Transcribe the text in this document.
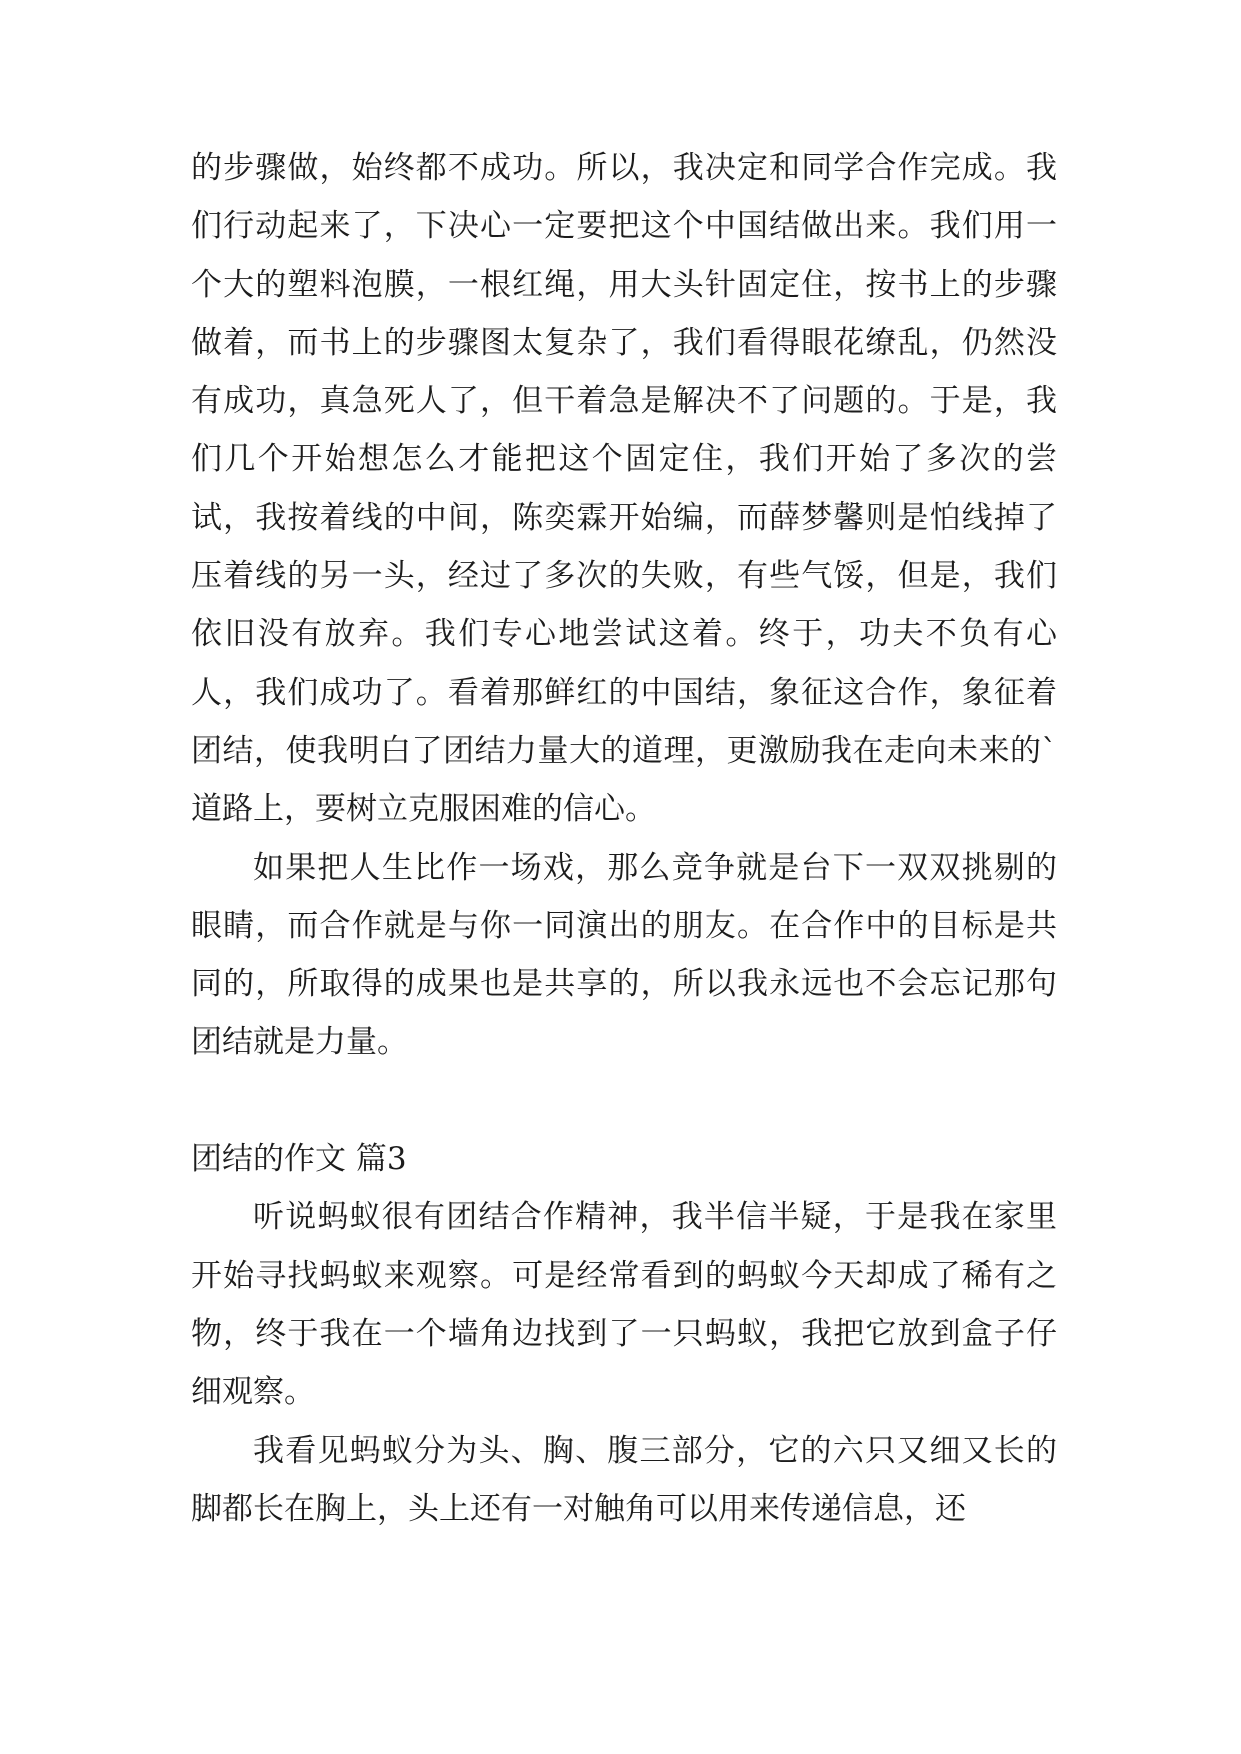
的步骤做，始终都不成功。所以，我决定和同学合作完成。我们行动起来了，下决心一定要把这个中国结做出来。我们用一个大的塑料泡膜，一根红绳，用大头针固定住，按书上的步骤做着，而书上的步骤图太复杂了，我们看得眼花缭乱，仍然没有成功，真急死人了，但干着急是解决不了问题的。于是，我们几个开始想怎么才能把这个固定住，我们开始了多次的尝试，我按着线的中间，陈奕霖开始编，而薛梦馨则是怕线掉了压着线的另一头，经过了多次的失败，有些气馁，但是，我们依旧没有放弃。我们专心地尝试这着。终于，功夫不负有心人，我们成功了。看着那鲜红的中国结，象征这合作，象征着团结，使我明白了团结力量大的道理，更激励我在走向未来的`道路上，要树立克服困难的信心。

如果把人生比作一场戏，那么竞争就是台下一双双挑剔的眼睛，而合作就是与你一同演出的朋友。在合作中的目标是共同的，所取得的成果也是共享的，所以我永远也不会忘记那句团结就是力量。

团结的作文 篇3

听说蚂蚁很有团结合作精神，我半信半疑，于是我在家里开始寻找蚂蚁来观察。可是经常看到的蚂蚁今天却成了稀有之物，终于我在一个墙角边找到了一只蚂蚁，我把它放到盒子仔细观察。

我看见蚂蚁分为头、胸、腹三部分，它的六只又细又长的脚都长在胸上，头上还有一对触角可以用来传递信息，还
